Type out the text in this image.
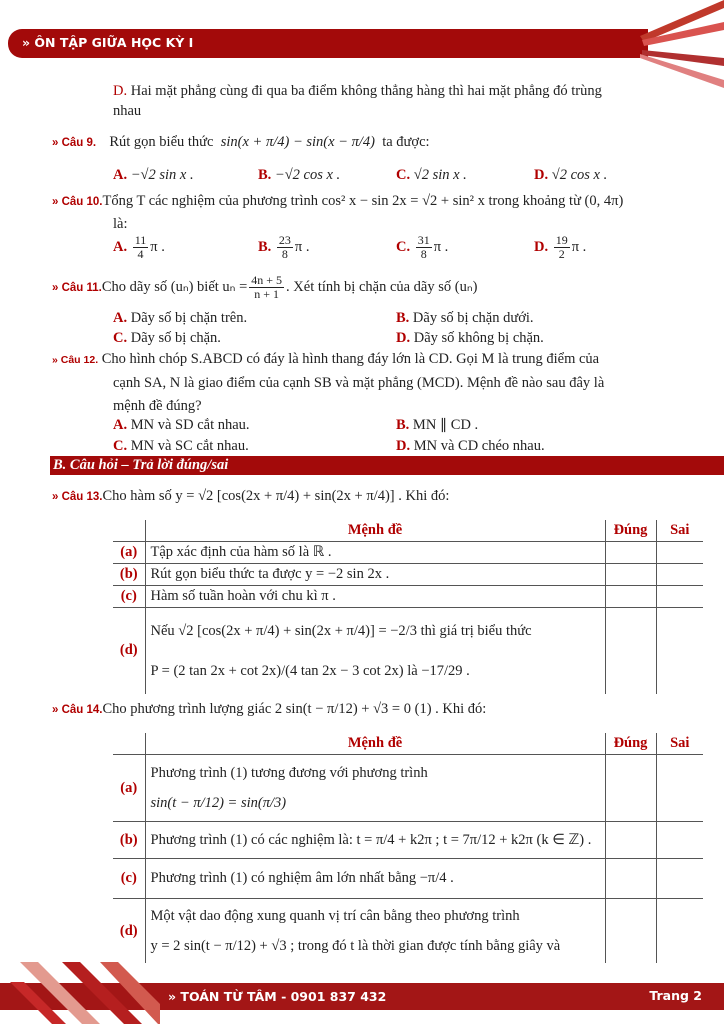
» ÔN TẬP GIỮA HỌC KỲ I
D. Hai mặt phẳng cùng đi qua ba điểm không thẳng hàng thì hai mặt phẳng đó trùng
nhau
» Câu 9. Rút gọn biểu thức sin(x + π/4) − sin(x − π/4) ta được:
A. −√2 sin x .	B. −√2 cos x .	C. √2 sin x .	D. √2 cos x .
» Câu 10.Tổng T các nghiệm của phương trình cos² x − sin 2x = √2 + sin² x trong khoảng từ (0, 4π)
là:
A. $\frac{11}{4}$ π .	B. $\frac{23}{8}$ π .	C. $\frac{31}{8}$ π .	D. $\frac{19}{2}$ π .
» Câu 11. Cho dãy số (uₙ) biết $u_n = \frac{4n + 5}{n + 1}$ . Xét tính bị chặn của dãy số (uₙ)
A. Dãy số bị chặn trên.	B. Dãy số bị chặn dưới.
C. Dãy số bị chặn.	D. Dãy số không bị chặn.
» Câu 12. Cho hình chóp S.ABCD có đáy là hình thang đáy lớn là CD. Gọi M là trung điểm của
cạnh SA, N là giao điểm của cạnh SB và mặt phẳng (MCD). Mệnh đề nào sau đây là
mệnh đề đúng?
A. MN và SD cắt nhau.	B. MN ∥ CD .
C. MN và SC cắt nhau.	D. MN và CD chéo nhau.
B. Câu hỏi – Trả lời đúng/sai
» Câu 13.Cho hàm số y = √2 [cos(2x + π/4) + sin(2x + π/4)] . Khi đó:
	Mệnh đề	Đúng	Sai
(a)	Tập xác định của hàm số là ℝ .		
(b)	Rút gọn biểu thức ta được y = −2 sin 2x .		
(c)	Hàm số tuần hoàn với chu kì π .		
(d)	Nếu √2 [cos(2x + π/4) + sin(2x + π/4)] = −2/3 thì giá trị biểu thức
P = (2 tan 2x + cot 2x)/(4 tan 2x − 3 cot 2x) là −17/29 .		
» Câu 14.Cho phương trình lượng giác 2 sin(t − π/12) + √3 = 0 (1) . Khi đó:
	Mệnh đề	Đúng	Sai
(a)	Phương trình (1) tương đương với phương trình
sin(t − π/12) = sin(π/3)		
(b)	Phương trình (1) có các nghiệm là: t = π/4 + k2π ; t = 7π/12 + k2π (k ∈ ℤ) .		
(c)	Phương trình (1) có nghiệm âm lớn nhất bằng −π/4 .		
(d)	Một vật dao động xung quanh vị trí cân bằng theo phương trình
y = 2 sin(t − π/12) + √3 ; trong đó t là thời gian được tính bằng giây và		
» TOÁN TỪ TÂM - 0901 837 432	Trang 2
